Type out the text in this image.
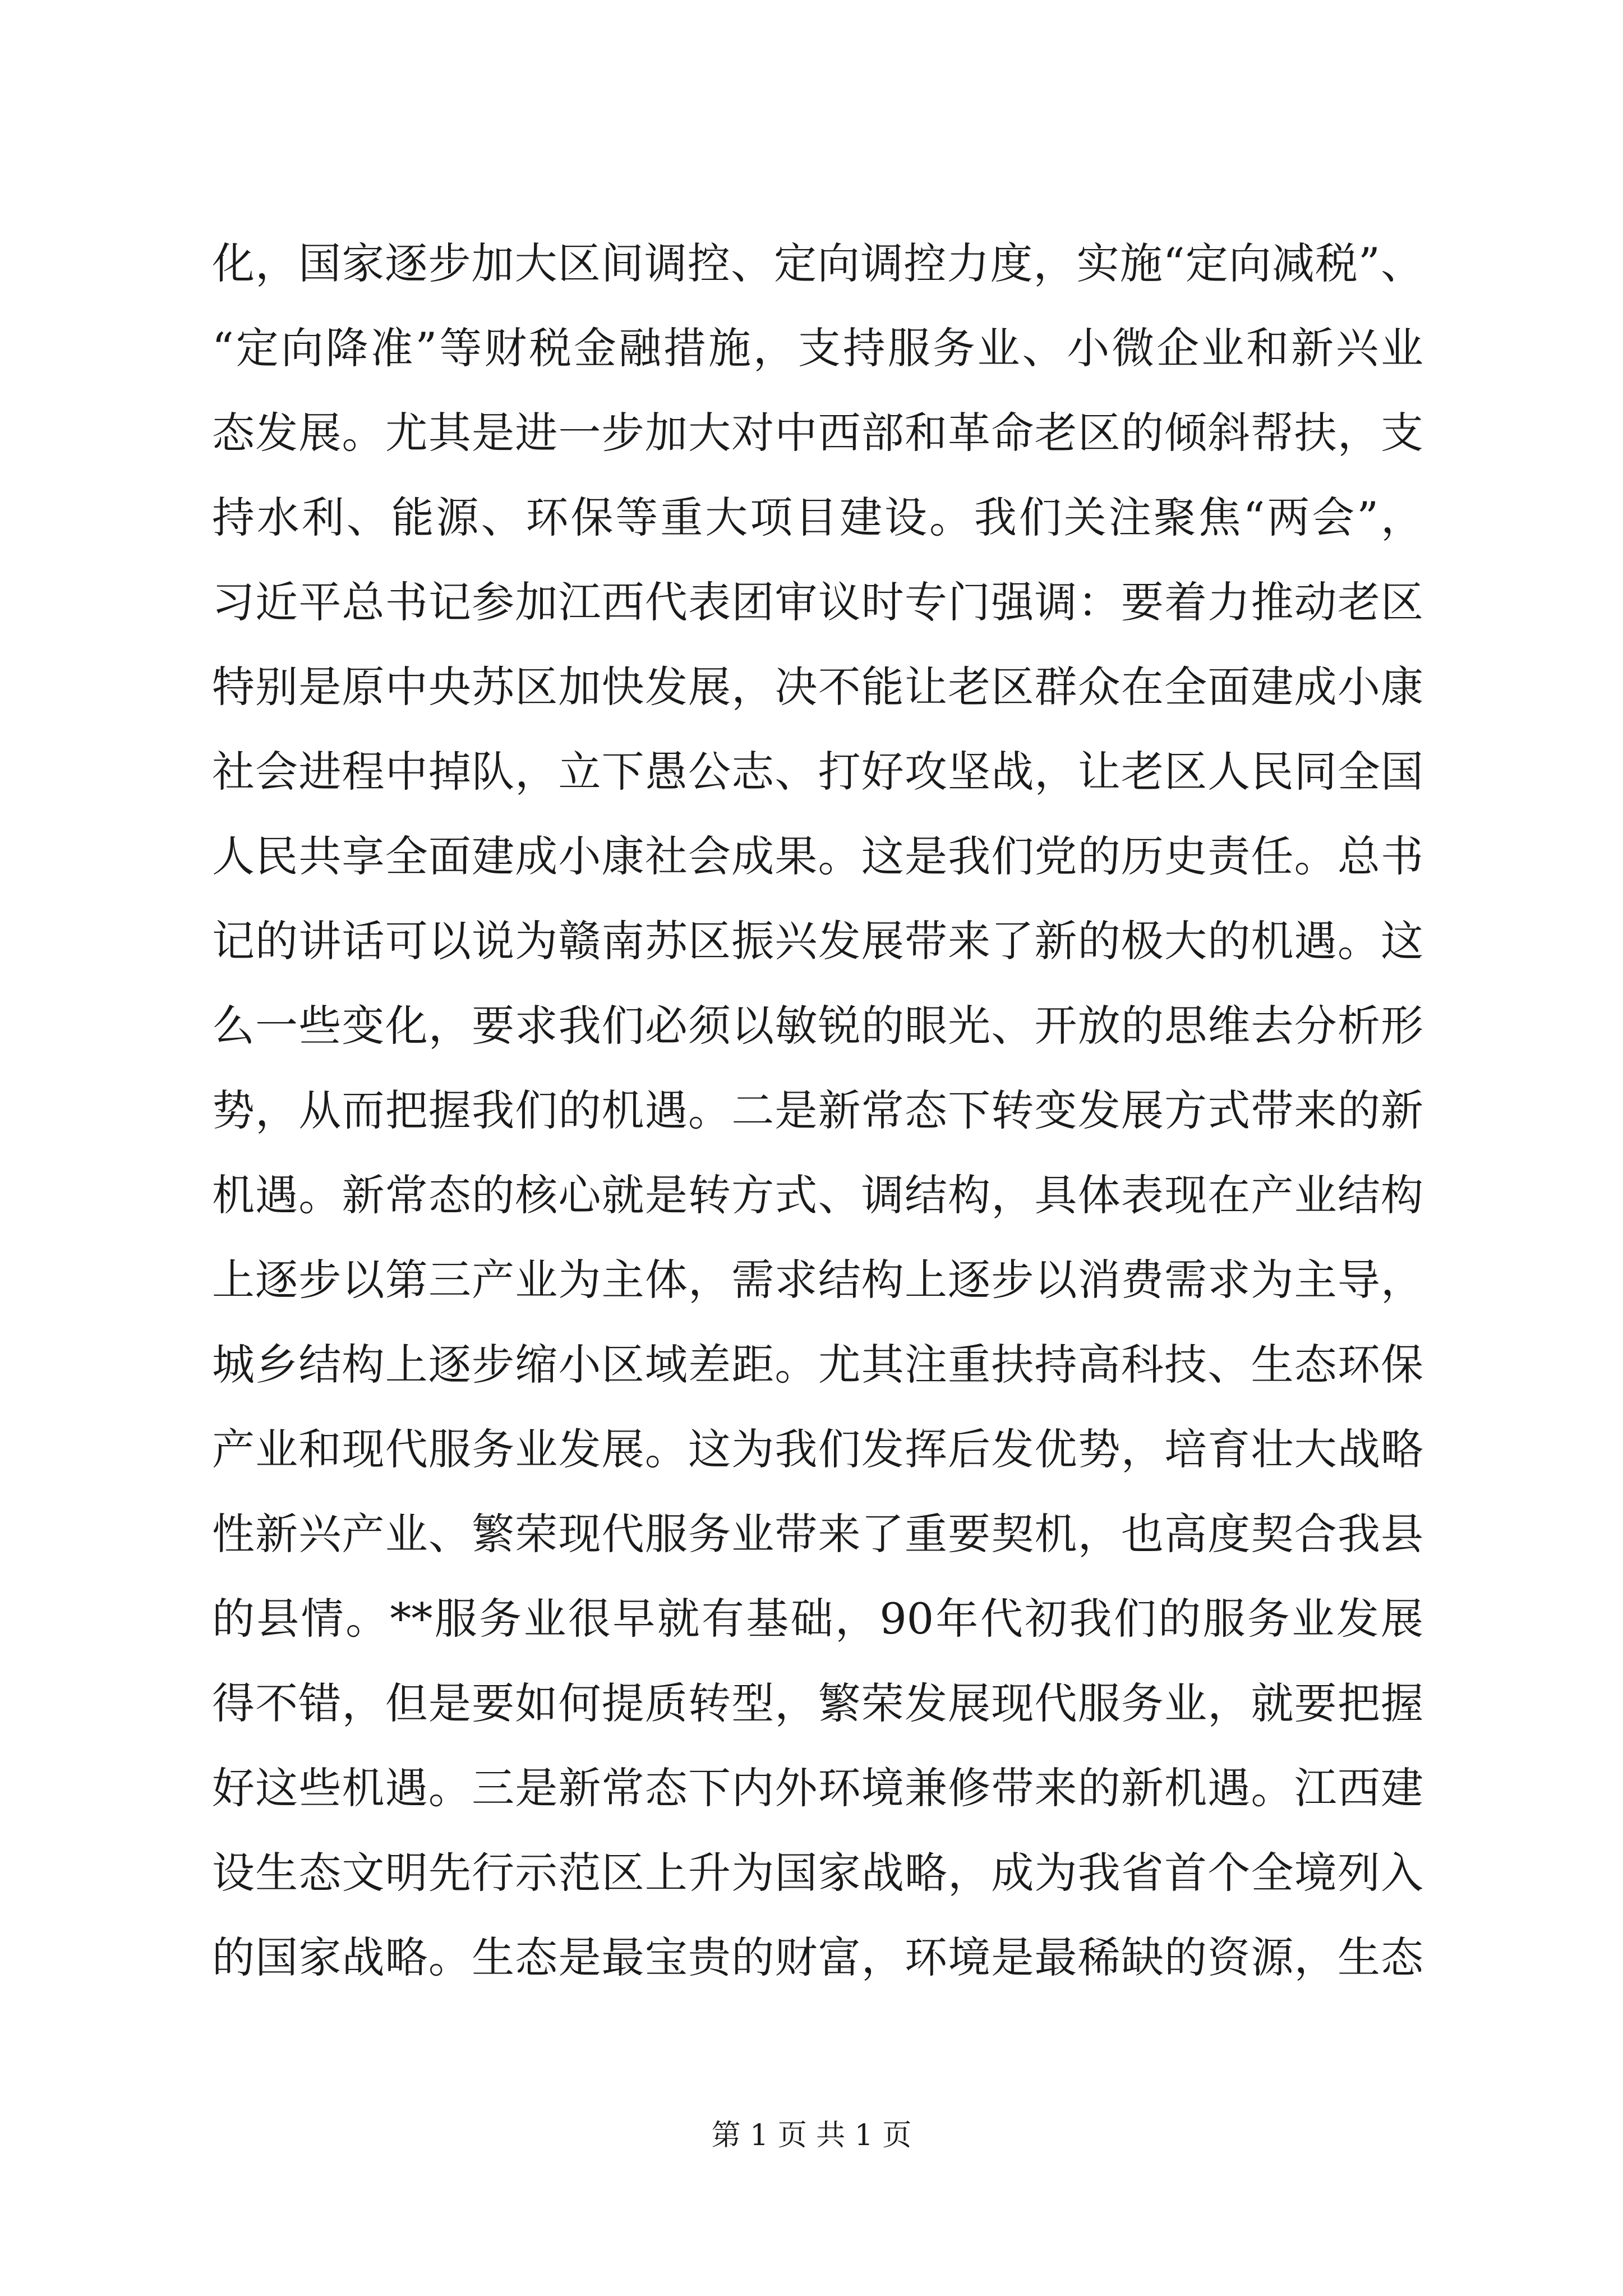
化，国家逐步加大区间调控、定向调控力度，实施“定向减税”、
“定向降准”等财税金融措施，支持服务业、小微企业和新兴业
态发展。尤其是进一步加大对中西部和革命老区的倾斜帮扶，支
持水利、能源、环保等重大项目建设。我们关注聚焦“两会”，
习近平总书记参加江西代表团审议时专门强调：要着力推动老区
特别是原中央苏区加快发展，决不能让老区群众在全面建成小康
社会进程中掉队，立下愚公志、打好攻坚战，让老区人民同全国
人民共享全面建成小康社会成果。这是我们党的历史责任。总书
记的讲话可以说为赣南苏区振兴发展带来了新的极大的机遇。这
么一些变化，要求我们必须以敏锐的眼光、开放的思维去分析形
势，从而把握我们的机遇。二是新常态下转变发展方式带来的新
机遇。新常态的核心就是转方式、调结构，具体表现在产业结构
上逐步以第三产业为主体，需求结构上逐步以消费需求为主导，
城乡结构上逐步缩小区域差距。尤其注重扶持高科技、生态环保
产业和现代服务业发展。这为我们发挥后发优势，培育壮大战略
性新兴产业、繁荣现代服务业带来了重要契机，也高度契合我县
的县情。**服务业很早就有基础，90年代初我们的服务业发展
得不错，但是要如何提质转型，繁荣发展现代服务业，就要把握
好这些机遇。三是新常态下内外环境兼修带来的新机遇。江西建
设生态文明先行示范区上升为国家战略，成为我省首个全境列入
的国家战略。生态是最宝贵的财富，环境是最稀缺的资源，生态
第 1 页 共 1 页
